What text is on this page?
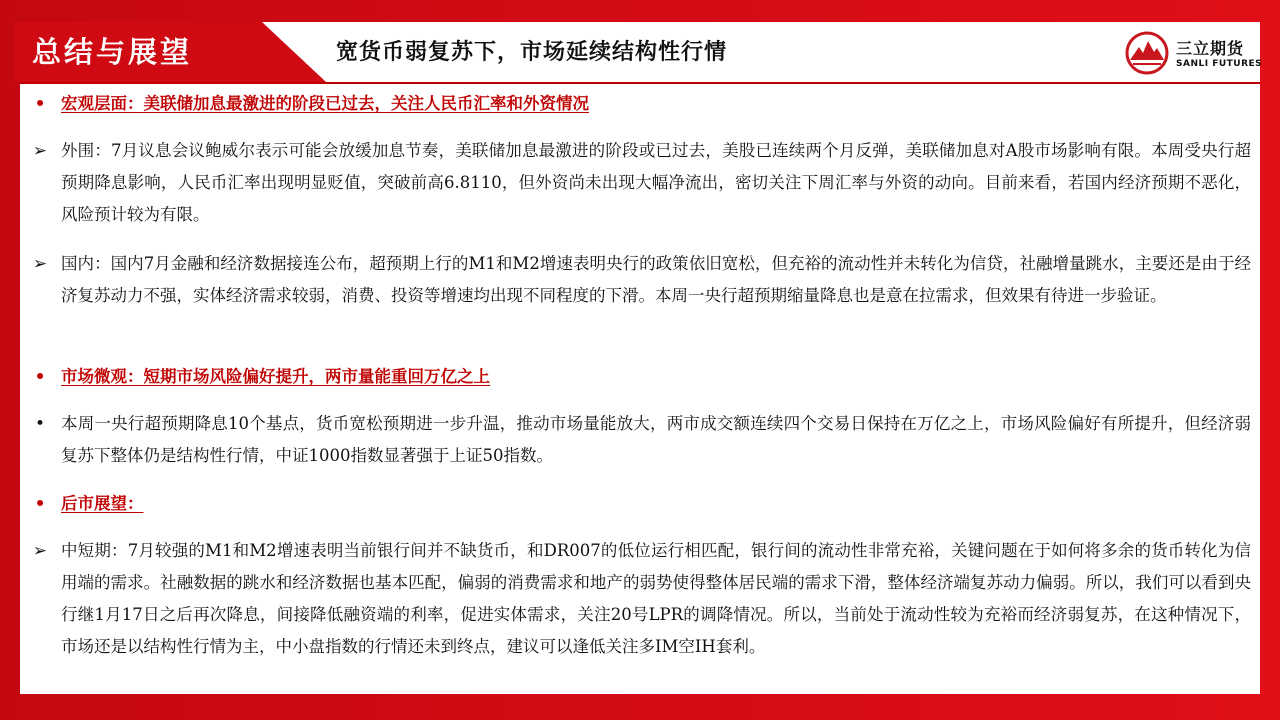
总结与展望	宽货币弱复苏下，市场延续结构性行情	三立期货
SANLI FUTURES
• 宏观层面：美联储加息最激进的阶段已过去，关注人民币汇率和外资情况
➢ 外围：7月议息会议鲍威尔表示可能会放缓加息节奏，美联储加息最激进的阶段或已过去，美股已连续两个月反弹，美联储加息对A股市场影响有限。本周受央行超预期降息影响，人民币汇率出现明显贬值，突破前高6.8110，但外资尚未出现大幅净流出，密切关注下周汇率与外资的动向。目前来看，若国内经济预期不恶化，风险预计较为有限。
➢ 国内：国内7月金融和经济数据接连公布，超预期上行的M1和M2增速表明央行的政策依旧宽松，但充裕的流动性并未转化为信贷，社融增量跳水，主要还是由于经济复苏动力不强，实体经济需求较弱，消费、投资等增速均出现不同程度的下滑。本周一央行超预期缩量降息也是意在拉需求，但效果有待进一步验证。
• 市场微观：短期市场风险偏好提升，两市量能重回万亿之上
• 本周一央行超预期降息10个基点，货币宽松预期进一步升温，推动市场量能放大，两市成交额连续四个交易日保持在万亿之上，市场风险偏好有所提升，但经济弱复苏下整体仍是结构性行情，中证1000指数显著强于上证50指数。
• 后市展望：
➢ 中短期：7月较强的M1和M2增速表明当前银行间并不缺货币，和DR007的低位运行相匹配，银行间的流动性非常充裕，关键问题在于如何将多余的货币转化为信用端的需求。社融数据的跳水和经济数据也基本匹配，偏弱的消费需求和地产的弱势使得整体居民端的需求下滑，整体经济端复苏动力偏弱。所以，我们可以看到央行继1月17日之后再次降息，间接降低融资端的利率，促进实体需求，关注20号LPR的调降情况。所以，当前处于流动性较为充裕而经济弱复苏，在这种情况下，市场还是以结构性行情为主，中小盘指数的行情还未到终点，建议可以逢低关注多IM空IH套利。
